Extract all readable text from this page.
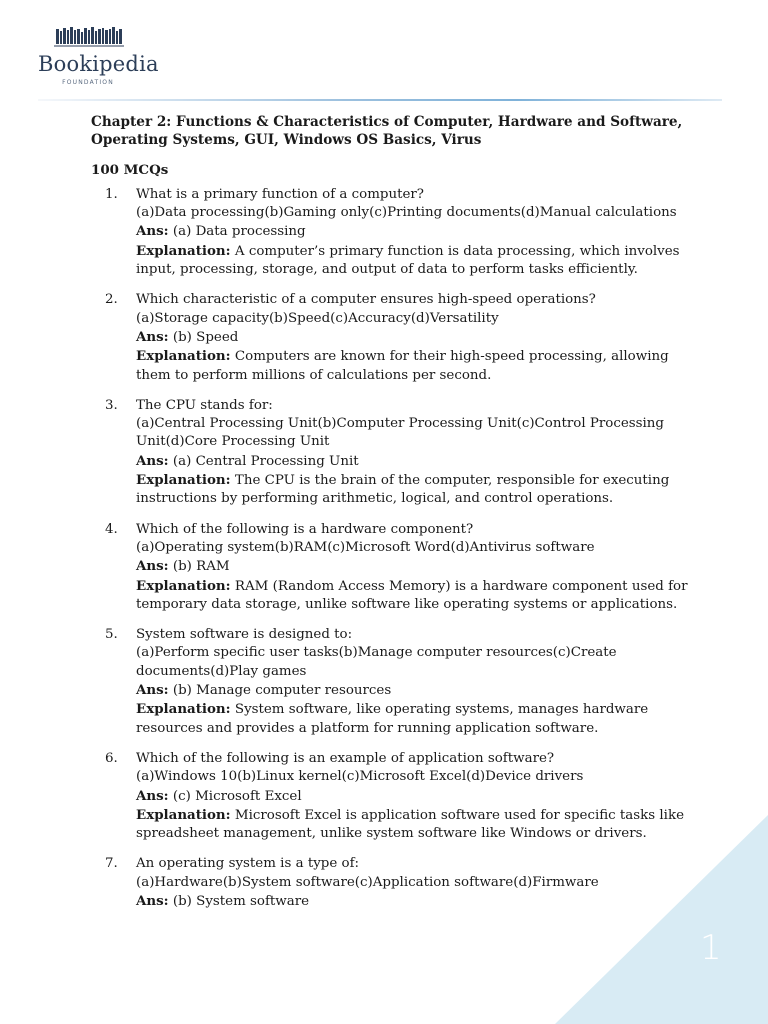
Bookipedia
FOUNDATION
1
Chapter 2: Functions & Characteristics of Computer, Hardware and Software, Operating Systems, GUI, Windows OS Basics, Virus
100 MCQs
1. What is a primary function of a computer?
(a)Data processing(b)Gaming only(c)Printing documents(d)Manual calculations
Ans: (a) Data processing
Explanation: A computer’s primary function is data processing, which involves input, processing, storage, and output of data to perform tasks efficiently.
2. Which characteristic of a computer ensures high-speed operations?
(a)Storage capacity(b)Speed(c)Accuracy(d)Versatility
Ans: (b) Speed
Explanation: Computers are known for their high-speed processing, allowing them to perform millions of calculations per second.
3. The CPU stands for:
(a)Central Processing Unit(b)Computer Processing Unit(c)Control Processing Unit(d)Core Processing Unit
Ans: (a) Central Processing Unit
Explanation: The CPU is the brain of the computer, responsible for executing instructions by performing arithmetic, logical, and control operations.
4. Which of the following is a hardware component?
(a)Operating system(b)RAM(c)Microsoft Word(d)Antivirus software
Ans: (b) RAM
Explanation: RAM (Random Access Memory) is a hardware component used for temporary data storage, unlike software like operating systems or applications.
5. System software is designed to:
(a)Perform specific user tasks(b)Manage computer resources(c)Create documents(d)Play games
Ans: (b) Manage computer resources
Explanation: System software, like operating systems, manages hardware resources and provides a platform for running application software.
6. Which of the following is an example of application software?
(a)Windows 10(b)Linux kernel(c)Microsoft Excel(d)Device drivers
Ans: (c) Microsoft Excel
Explanation: Microsoft Excel is application software used for specific tasks like spreadsheet management, unlike system software like Windows or drivers.
7. An operating system is a type of:
(a)Hardware(b)System software(c)Application software(d)Firmware
Ans: (b) System software
